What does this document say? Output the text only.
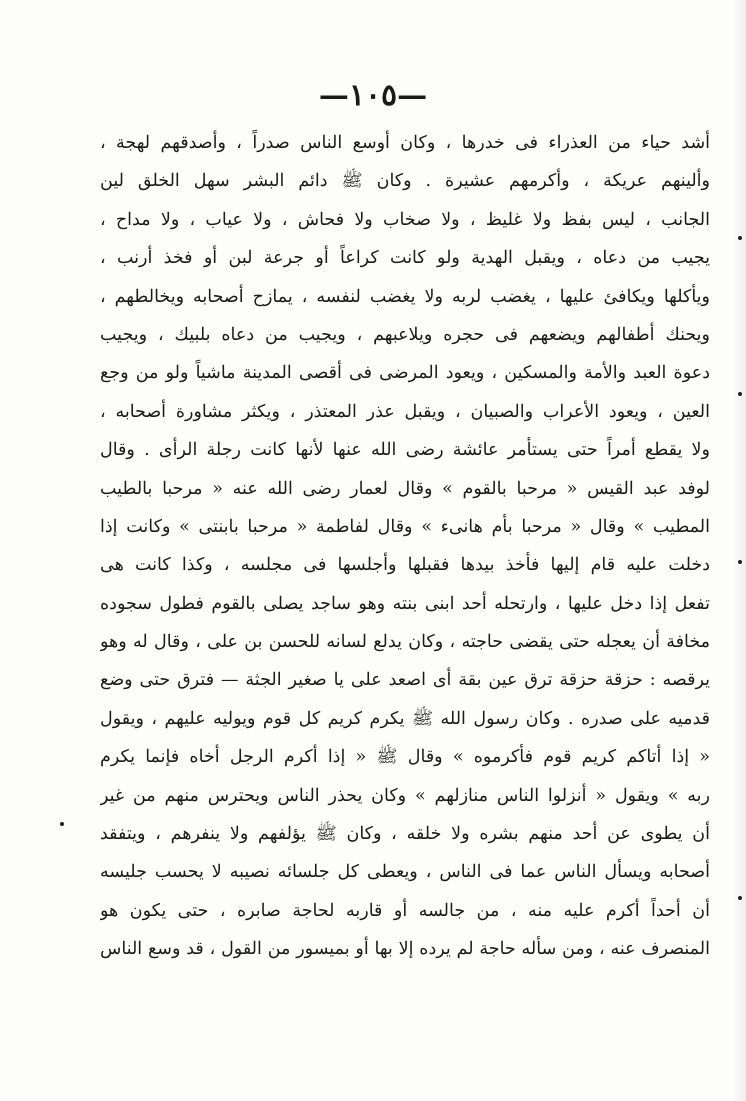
—١٠٥—
أشد حياء من العذراء فى خدرها ، وكان أوسع الناس صدراً ، وأصدقهم لهجة ،
وألينهم عريكة ، وأكرمهم عشيرة . وكان ﷺ دائم البشر سهل الخلق لين
الجانب ، ليس بفظ ولا غليظ ، ولا صخاب ولا فحاش ، ولا عياب ، ولا مداح ،
يجيب من دعاه ، ويقبل الهدية ولو كانت كراعاً أو جرعة لبن أو فخذ أرنب ،
ويأكلها ويكافئ عليها ، يغضب لربه ولا يغضب لنفسه ، يمازح أصحابه ويخالطهم ،
ويحنك أطفالهم ويضعهم فى حجره ويلاعبهم ، ويجيب من دعاه بلبيك ، ويجيب
دعوة العبد والأمة والمسكين ، ويعود المرضى فى أقصى المدينة ماشياً ولو من وجع
العين ، ويعود الأعراب والصبيان ، ويقبل عذر المعتذر ، ويكثر مشاورة أصحابه ،
ولا يقطع أمراً حتى يستأمر عائشة رضى الله عنها لأنها كانت رجلة الرأى . وقال
لوفد عبد القيس « مرحبا بالقوم » وقال لعمار رضى الله عنه « مرحبا بالطيب
المطيب » وقال « مرحبا بأم هانىء » وقال لفاطمة « مرحبا بابنتى » وكانت إذا
دخلت عليه قام إليها فأخذ بيدها فقبلها وأجلسها فى مجلسه ، وكذا كانت هى
تفعل إذا دخل عليها ، وارتحله أحد ابنى بنته وهو ساجد يصلى بالقوم فطول سجوده
مخافة أن يعجله حتى يقضى حاجته ، وكان يدلع لسانه للحسن بن على ، وقال له وهو
يرقصه : حزقة حزقة ترق عين بقة أى اصعد على يا صغير الجثة — فترق حتى وضع
قدميه على صدره . وكان رسول الله ﷺ يكرم كريم كل قوم ويوليه عليهم ، ويقول
« إذا أتاكم كريم قوم فأكرموه » وقال ﷺ « إذا أكرم الرجل أخاه فإنما يكرم
ربه » ويقول « أنزلوا الناس منازلهم » وكان يحذر الناس ويحترس منهم من غير
أن يطوى عن أحد منهم بشره ولا خلقه ، وكان ﷺ يؤلفهم ولا ينفرهم ، ويتفقد
أصحابه ويسأل الناس عما فى الناس ، ويعطى كل جلسائه نصيبه لا يحسب جليسه
أن أحداً أكرم عليه منه ، من جالسه أو قاربه لحاجة صابره ، حتى يكون هو
المنصرف عنه ، ومن سأله حاجة لم يرده إلا بها أو بميسور من القول ، قد وسع الناس
